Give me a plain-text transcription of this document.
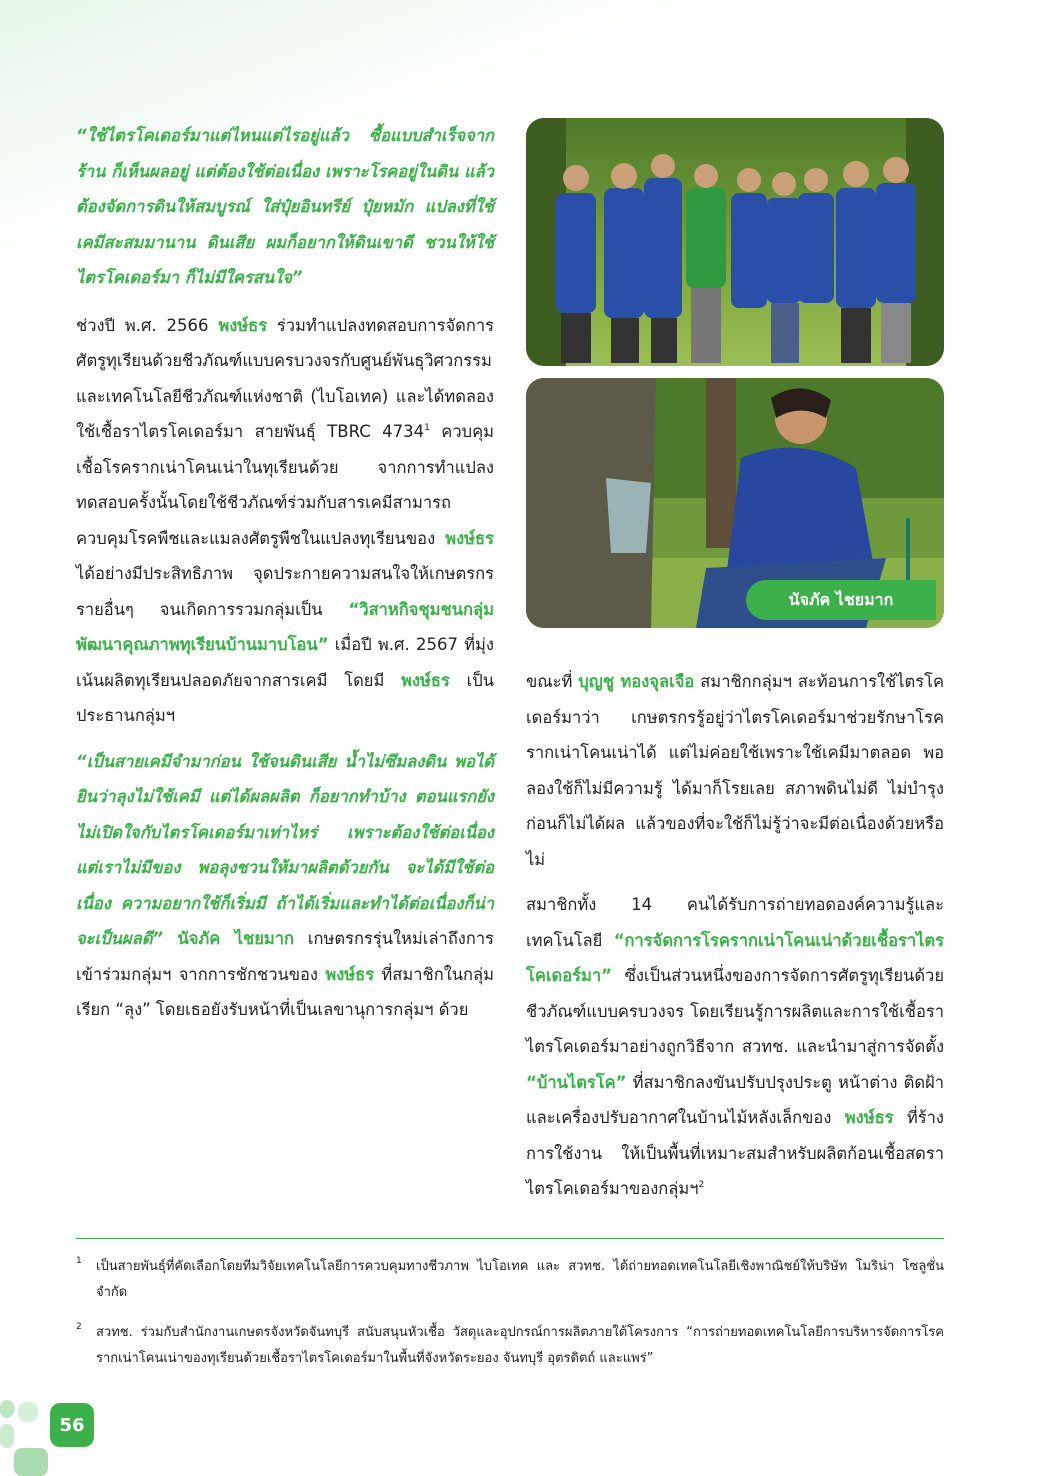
“ใช้ไตรโคเดอร์มาแต่ไหนแต่ไรอยู่แล้ว ซื้อแบบสำเร็จจากร้าน ก็เห็นผลอยู่ แต่ต้องใช้ต่อเนื่อง เพราะโรคอยู่ในดิน แล้วต้องจัดการดินให้สมบูรณ์ ใส่ปุ๋ยอินทรีย์ ปุ๋ยหมัก แปลงที่ใช้เคมีสะสมมานาน ดินเสีย ผมก็อยากให้ดินเขาดี ชวนให้ใช้ไตรโคเดอร์มา ก็ไม่มีใครสนใจ”

ช่วงปี พ.ศ. 2566 พงษ์ธร ร่วมทำแปลงทดสอบการจัดการศัตรูทุเรียนด้วยชีวภัณฑ์แบบครบวงจรกับศูนย์พันธุวิศวกรรมและเทคโนโลยีชีวภัณฑ์แห่งชาติ (ไบโอเทค) และได้ทดลองใช้เชื้อราไตรโคเดอร์มา สายพันธุ์ TBRC 4734$^1$ ควบคุมเชื้อโรครากเน่าโคนเน่าในทุเรียนด้วย จากการทำแปลงทดสอบครั้งนั้นโดยใช้ชีวภัณฑ์ร่วมกับสารเคมีสามารถควบคุมโรคพืชและแมลงศัตรูพืชในแปลงทุเรียนของ พงษ์ธร ได้อย่างมีประสิทธิภาพ จุดประกายความสนใจให้เกษตรกรรายอื่นๆ จนเกิดการรวมกลุ่มเป็น “วิสาหกิจชุมชนกลุ่มพัฒนาคุณภาพทุเรียนบ้านมาบโอน” เมื่อปี พ.ศ. 2567 ที่มุ่งเน้นผลิตทุเรียนปลอดภัยจากสารเคมี โดยมี พงษ์ธร เป็นประธานกลุ่มฯ

“เป็นสายเคมีจำมาก่อน ใช้จนดินเสีย น้ำไม่ซึมลงดิน พอได้ยินว่าลุงไม่ใช้เคมี แต่ได้ผลผลิต ก็อยากทำบ้าง ตอนแรกยังไม่เปิดใจกับไตรโคเดอร์มาเท่าไหร่ เพราะต้องใช้ต่อเนื่อง แต่เราไม่มีของ พอลุงชวนให้มาผลิตด้วยกัน จะได้มีใช้ต่อเนื่อง ความอยากใช้ก็เริ่มมี ถ้าได้เริ่มและทำได้ต่อเนื่องก็น่าจะเป็นผลดี” นัจภัค ไชยมาก เกษตรกรรุ่นใหม่เล่าถึงการเข้าร่วมกลุ่มฯ จากการชักชวนของ พงษ์ธร ที่สมาชิกในกลุ่มเรียก “ลุง” โดยเธอยังรับหน้าที่เป็นเลขานุการกลุ่มฯ ด้วย

นัจภัค ไชยมาก

ขณะที่ บุญชู ทองจุลเจือ สมาชิกกลุ่มฯ สะท้อนการใช้ไตรโคเดอร์มาว่า เกษตรกรรู้อยู่ว่าไตรโคเดอร์มาช่วยรักษาโรครากเน่าโคนเน่าได้ แต่ไม่ค่อยใช้เพราะใช้เคมีมาตลอด พอลองใช้ก็ไม่มีความรู้ ได้มาก็โรยเลย สภาพดินไม่ดี ไม่บำรุงก่อนก็ไม่ได้ผล แล้วของที่จะใช้ก็ไม่รู้ว่าจะมีต่อเนื่องด้วยหรือไม่

สมาชิกทั้ง 14 คนได้รับการถ่ายทอดองค์ความรู้และเทคโนโลยี “การจัดการโรครากเน่าโคนเน่าด้วยเชื้อราไตรโคเดอร์มา” ซึ่งเป็นส่วนหนึ่งของการจัดการศัตรูทุเรียนด้วยชีวภัณฑ์แบบครบวงจร โดยเรียนรู้การผลิตและการใช้เชื้อราไตรโคเดอร์มาอย่างถูกวิธีจาก สวทช. และนำมาสู่การจัดตั้ง “บ้านไตรโค” ที่สมาชิกลงขันปรับปรุงประตู หน้าต่าง ติดฝ้าและเครื่องปรับอากาศในบ้านไม้หลังเล็กของ พงษ์ธร ที่ร้างการใช้งาน ให้เป็นพื้นที่เหมาะสมสำหรับผลิตก้อนเชื้อสดราไตรโคเดอร์มาของกลุ่มฯ$^2$

1 เป็นสายพันธุ์ที่คัดเลือกโดยทีมวิจัยเทคโนโลยีการควบคุมทางชีวภาพ ไบโอเทค และ สวทช. ได้ถ่ายทอดเทคโนโลยีเชิงพาณิชย์ให้บริษัท โมริน่า โซลูชั่น จำกัด
2 สวทช. ร่วมกับสำนักงานเกษตรจังหวัดจันทบุรี สนับสนุนหัวเชื้อ วัสดุและอุปกรณ์การผลิตภายใต้โครงการ “การถ่ายทอดเทคโนโลยีการบริหารจัดการโรครากเน่าโคนเน่าของทุเรียนด้วยเชื้อราไตรโคเดอร์มาในพื้นที่จังหวัดระยอง จันทบุรี อุตรดิตถ์ และแพร่”
56
